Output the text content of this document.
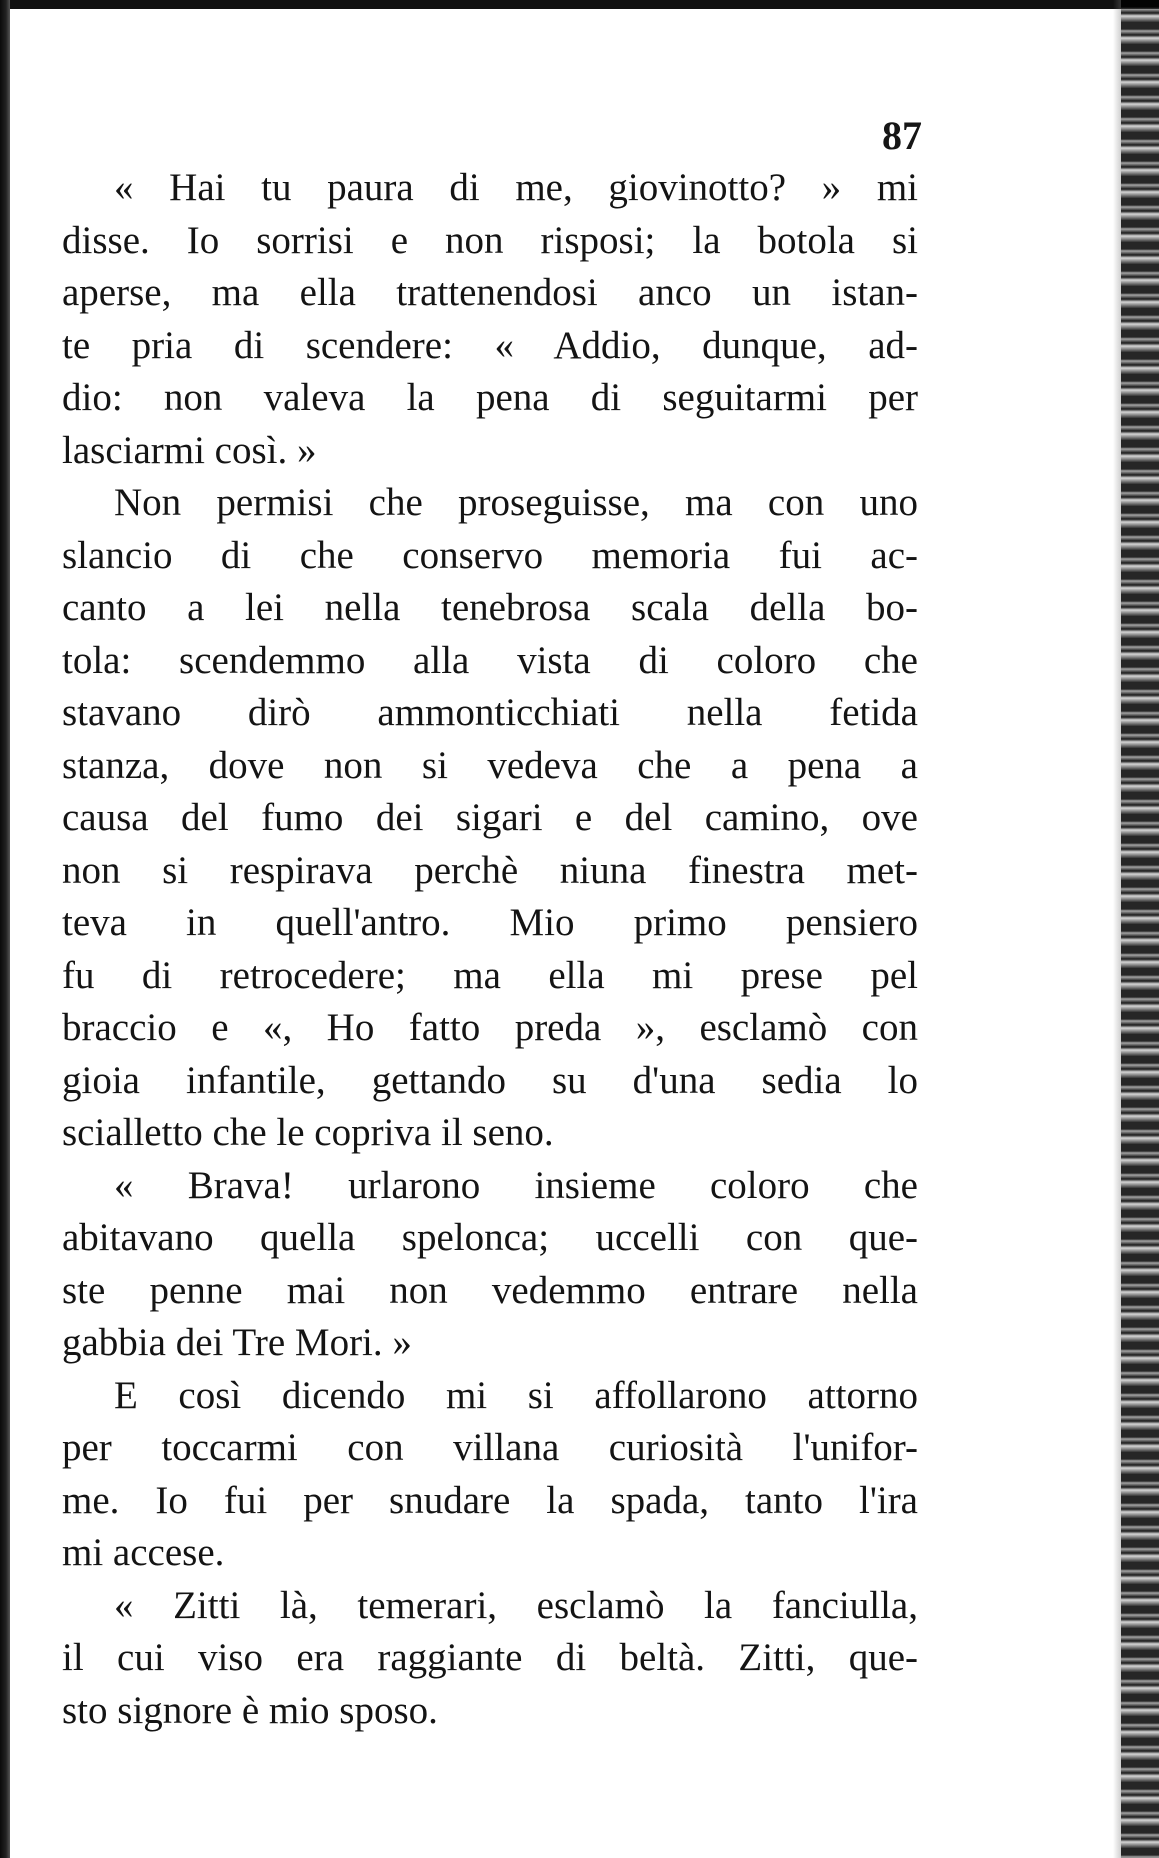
87
« Hai tu paura di me, giovinotto? » mi
disse. Io sorrisi e non risposi; la botola si
aperse, ma ella trattenendosi anco un istan-
te pria di scendere: « Addio, dunque, ad-
dio: non valeva la pena di seguitarmi per
lasciarmi così. »
Non permisi che proseguisse, ma con uno
slancio di che conservo memoria fui ac-
canto a lei nella tenebrosa scala della bo-
tola: scendemmo alla vista di coloro che
stavano dirò ammonticchiati nella fetida
stanza, dove non si vedeva che a pena a
causa del fumo dei sigari e del camino, ove
non si respirava perchè niuna finestra met-
teva in quell'antro. Mio primo pensiero
fu di retrocedere; ma ella mi prese pel
braccio e «, Ho fatto preda », esclamò con
gioia infantile, gettando su d'una sedia lo
scialletto che le copriva il seno.
« Brava! urlarono insieme coloro che
abitavano quella spelonca; uccelli con que-
ste penne mai non vedemmo entrare nella
gabbia dei Tre Mori. »
E così dicendo mi si affollarono attorno
per toccarmi con villana curiosità l'unifor-
me. Io fui per snudare la spada, tanto l'ira
mi accese.
« Zitti là, temerari, esclamò la fanciulla,
il cui viso era raggiante di beltà. Zitti, que-
sto signore è mio sposo.
